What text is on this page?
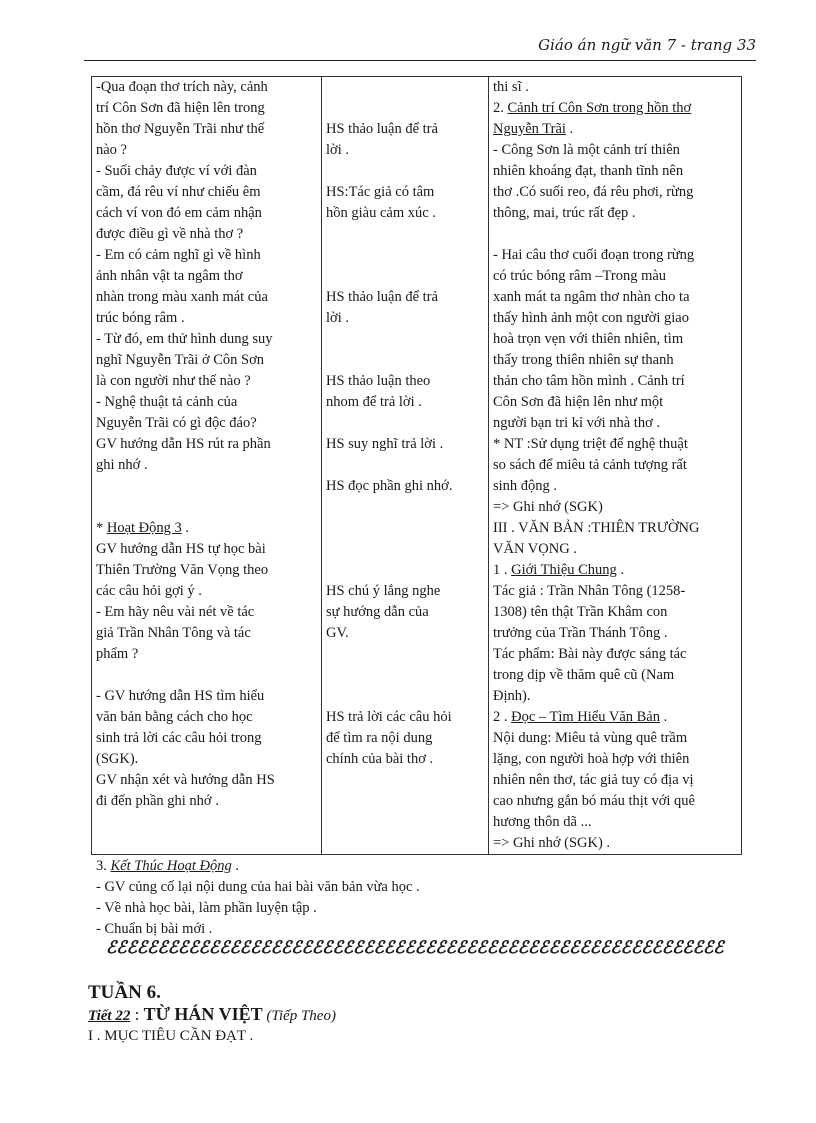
Giáo án ngữ văn 7 - trang 33
-Qua đoạn thơ trích này, cảnh
trí Côn Sơn đã hiện lên trong
hồn thơ Nguyễn Trãi như thế
nào ?
- Suối chảy được ví với đàn
cầm, đá rêu ví như chiếu êm
cách ví von đó em cảm nhận
được điều gì về nhà thơ ?
- Em có cảm nghĩ gì về hình
ảnh nhân vật ta ngâm thơ
nhàn trong màu xanh mát của
trúc bóng râm .
- Từ đó, em thử hình dung suy
nghĩ Nguyễn Trãi ở Côn Sơn
là con người như thế nào ?
- Nghệ thuật tả cảnh của
Nguyễn Trãi có gì độc đáo?
GV hướng dẫn HS rút ra phần
ghi nhớ .
* Hoạt Động 3 .
GV hướng dẫn HS tự học bài
Thiên Trường Văn Vọng theo
các câu hỏi gợi ý .
- Em hãy nêu vài nét về tác
giả Trần Nhân Tông và tác
phẩm ?
- GV hướng dẫn HS tìm hiểu
văn bản bằng cách cho học
sinh trả lời các câu hỏi trong
(SGK).
GV nhận xét và hướng dẫn HS
đi đến phần ghi nhớ .

HS thảo luận để trả
lời .
HS:Tác giả có tâm
hồn giàu cảm xúc .
HS thảo luận để trả
lời .
HS thảo luận theo
nhom để trả lời .
HS suy nghĩ trả lời .
HS đọc phần ghi nhớ.
HS chú ý lắng nghe
sự hướng dẫn của
GV.
HS trả lời các câu hỏi
để tìm ra nội dung
chính của bài thơ .

thi sĩ .
2. Cảnh trí Côn Sơn trong hồn thơ
Nguyễn Trãi .
- Công Sơn là một cảnh trí thiên
nhiên khoáng đạt, thanh tĩnh nên
thơ .Có suối reo, đá rêu phơi, rừng
thông, mai, trúc rất đẹp .
- Hai câu thơ cuối đoạn trong rừng
có trúc bóng râm –Trong màu
xanh mát ta ngâm thơ nhàn cho ta
thấy hình ảnh một con người giao
hoà trọn vẹn với thiên nhiên, tìm
thấy trong thiên nhiên sự thanh
thản cho tâm hồn mình . Cảnh trí
Côn Sơn đã hiện lên như một
người bạn tri kỉ với nhà thơ .
* NT :Sử dụng triệt để nghệ thuật
so sách để miêu tả cảnh tượng rất
sinh động .
=> Ghi nhớ (SGK)
III . VĂN BẢN :THIÊN TRƯỜNG
VĂN VỌNG .
1 . Giới Thiệu Chung .
Tác giả : Trần Nhân Tông (1258-
1308) tên thật Trần Khâm con
trưởng của Trần Thánh Tông .
Tác phẩm: Bài này được sáng tác
trong dịp về thăm quê cũ (Nam
Định).
2 . Đọc – Tìm Hiểu Văn Bản .
Nội dung: Miêu tả vùng quê trầm
lặng, con người hoà hợp với thiên
nhiên nên thơ, tác giả tuy có địa vị
cao nhưng gắn bó máu thịt với quê
hương thôn dã ...
=> Ghi nhớ (SGK) .
3. Kết Thúc Hoạt Động .
- GV củng cố lại nội dung của hai bài văn bản vừa học .
- Về nhà học bài, làm phần luyện tập .
- Chuẩn bị bài mới .
ℰℰℰℰℰℰℰℰℰℰℰℰℰℰℰℰℰℰℰℰℰℰℰℰℰℰℰℰℰℰℰℰℰℰℰℰℰℰℰℰℰℰℰℰℰℰℰℰℰℰℰℰℰℰℰℰℰℰℰℰ
TUẦN 6.
Tiết 22 : TỪ HÁN VIỆT (Tiếp Theo)
I . MỤC TIÊU CẦN ĐẠT .
